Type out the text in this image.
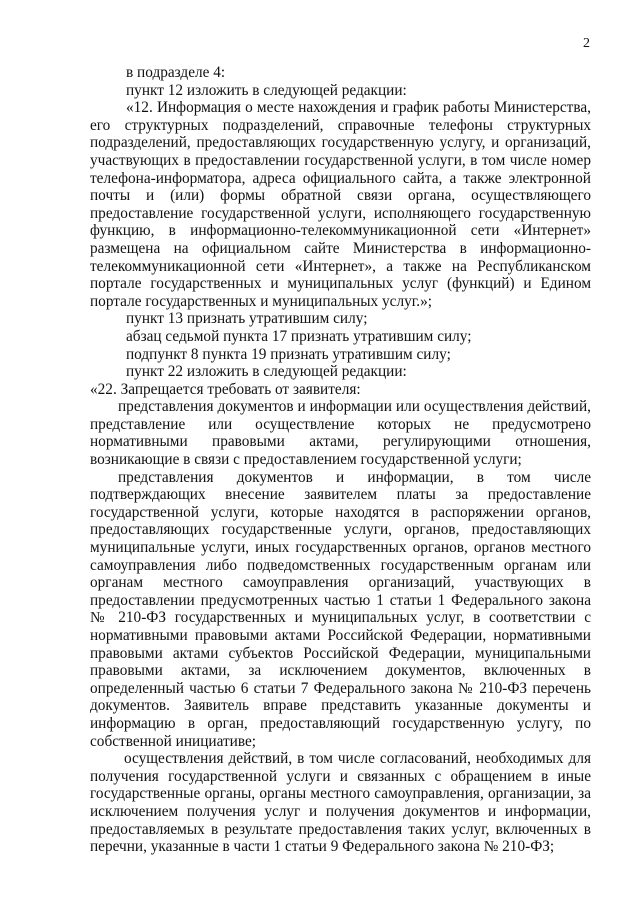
2

в подразделе 4:

пункт 12 изложить в следующей редакции:

«12. Информация о месте нахождения и график работы Министерства, его структурных подразделений, справочные телефоны структурных подразделений, предоставляющих государственную услугу, и организаций, участвующих в предоставлении государственной услуги, в том числе номер телефона-информатора, адреса официального сайта, а также электронной почты и (или) формы обратной связи органа, осуществляющего предоставление государственной услуги, исполняющего государственную функцию, в информационно-телекоммуникационной сети «Интернет» размещена на официальном сайте Министерства в информационно-телекоммуникационной сети «Интернет», а также на Республиканском портале государственных и муниципальных услуг (функций) и Едином портале государственных и муниципальных услуг.»;

пункт 13 признать утратившим силу;

абзац седьмой пункта 17 признать утратившим силу;

подпункт 8 пункта 19 признать утратившим силу;

пункт 22 изложить в следующей редакции:

«22. Запрещается требовать от заявителя:

представления документов и информации или осуществления действий, представление или осуществление которых не предусмотрено нормативными правовыми актами, регулирующими отношения, возникающие в связи с предоставлением государственной услуги;

представления документов и информации, в том числе подтверждающих внесение заявителем платы за предоставление государственной услуги, которые находятся в распоряжении органов, предоставляющих государственные услуги, органов, предоставляющих муниципальные услуги, иных государственных органов, органов местного самоуправления либо подведомственных государственным органам или органам местного самоуправления организаций, участвующих в предоставлении предусмотренных частью 1 статьи 1 Федерального закона № 210-ФЗ государственных и муниципальных услуг, в соответствии с нормативными правовыми актами Российской Федерации, нормативными правовыми актами субъектов Российской Федерации, муниципальными правовыми актами, за исключением документов, включенных в определенный частью 6 статьи 7 Федерального закона № 210-ФЗ перечень документов. Заявитель вправе представить указанные документы и информацию в орган, предоставляющий государственную услугу, по собственной инициативе;

осуществления действий, в том числе согласований, необходимых для получения государственной услуги и связанных с обращением в иные государственные органы, органы местного самоуправления, организации, за исключением получения услуг и получения документов и информации, предоставляемых в результате предоставления таких услуг, включенных в перечни, указанные в части 1 статьи 9 Федерального закона № 210-ФЗ;
